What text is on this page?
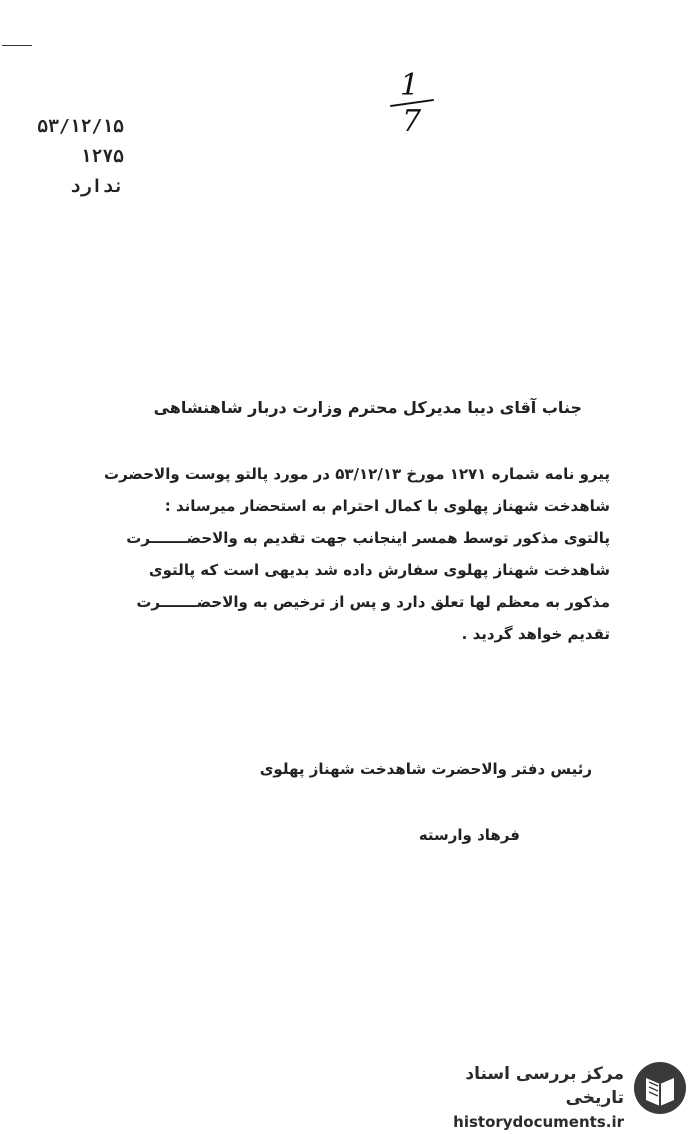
1
7
۵۳/۱۲/۱۵
۱۲۷۵
ندارد
جناب آقای دیبا مدیرکل محترم وزارت دربار شاهنشاهی

پیرو نامه شماره ۱۲۷۱ مورخ ۵۳/۱۲/۱۳ در مورد پالتو پوست والاحضرت

شاهدخت شهناز پهلوی با کمال احترام به استحضار میرساند :

پالتوی مذکور توسط همسر اینجانب جهت تقدیم به والاحضـــــــرت

شاهدخت شهناز پهلوی سفارش داده شد بدیهی است که پالتوی

مذکور به معظم لها تعلق دارد و پس از ترخیص به والاحضـــــــرت

تقدیم خواهد گردید .

رئیس دفتر والاحضرت شاهدخت شهناز پهلوی
فرهاد وارسته
مرکز بررسی اسناد تاریخی
historydocuments.ir
